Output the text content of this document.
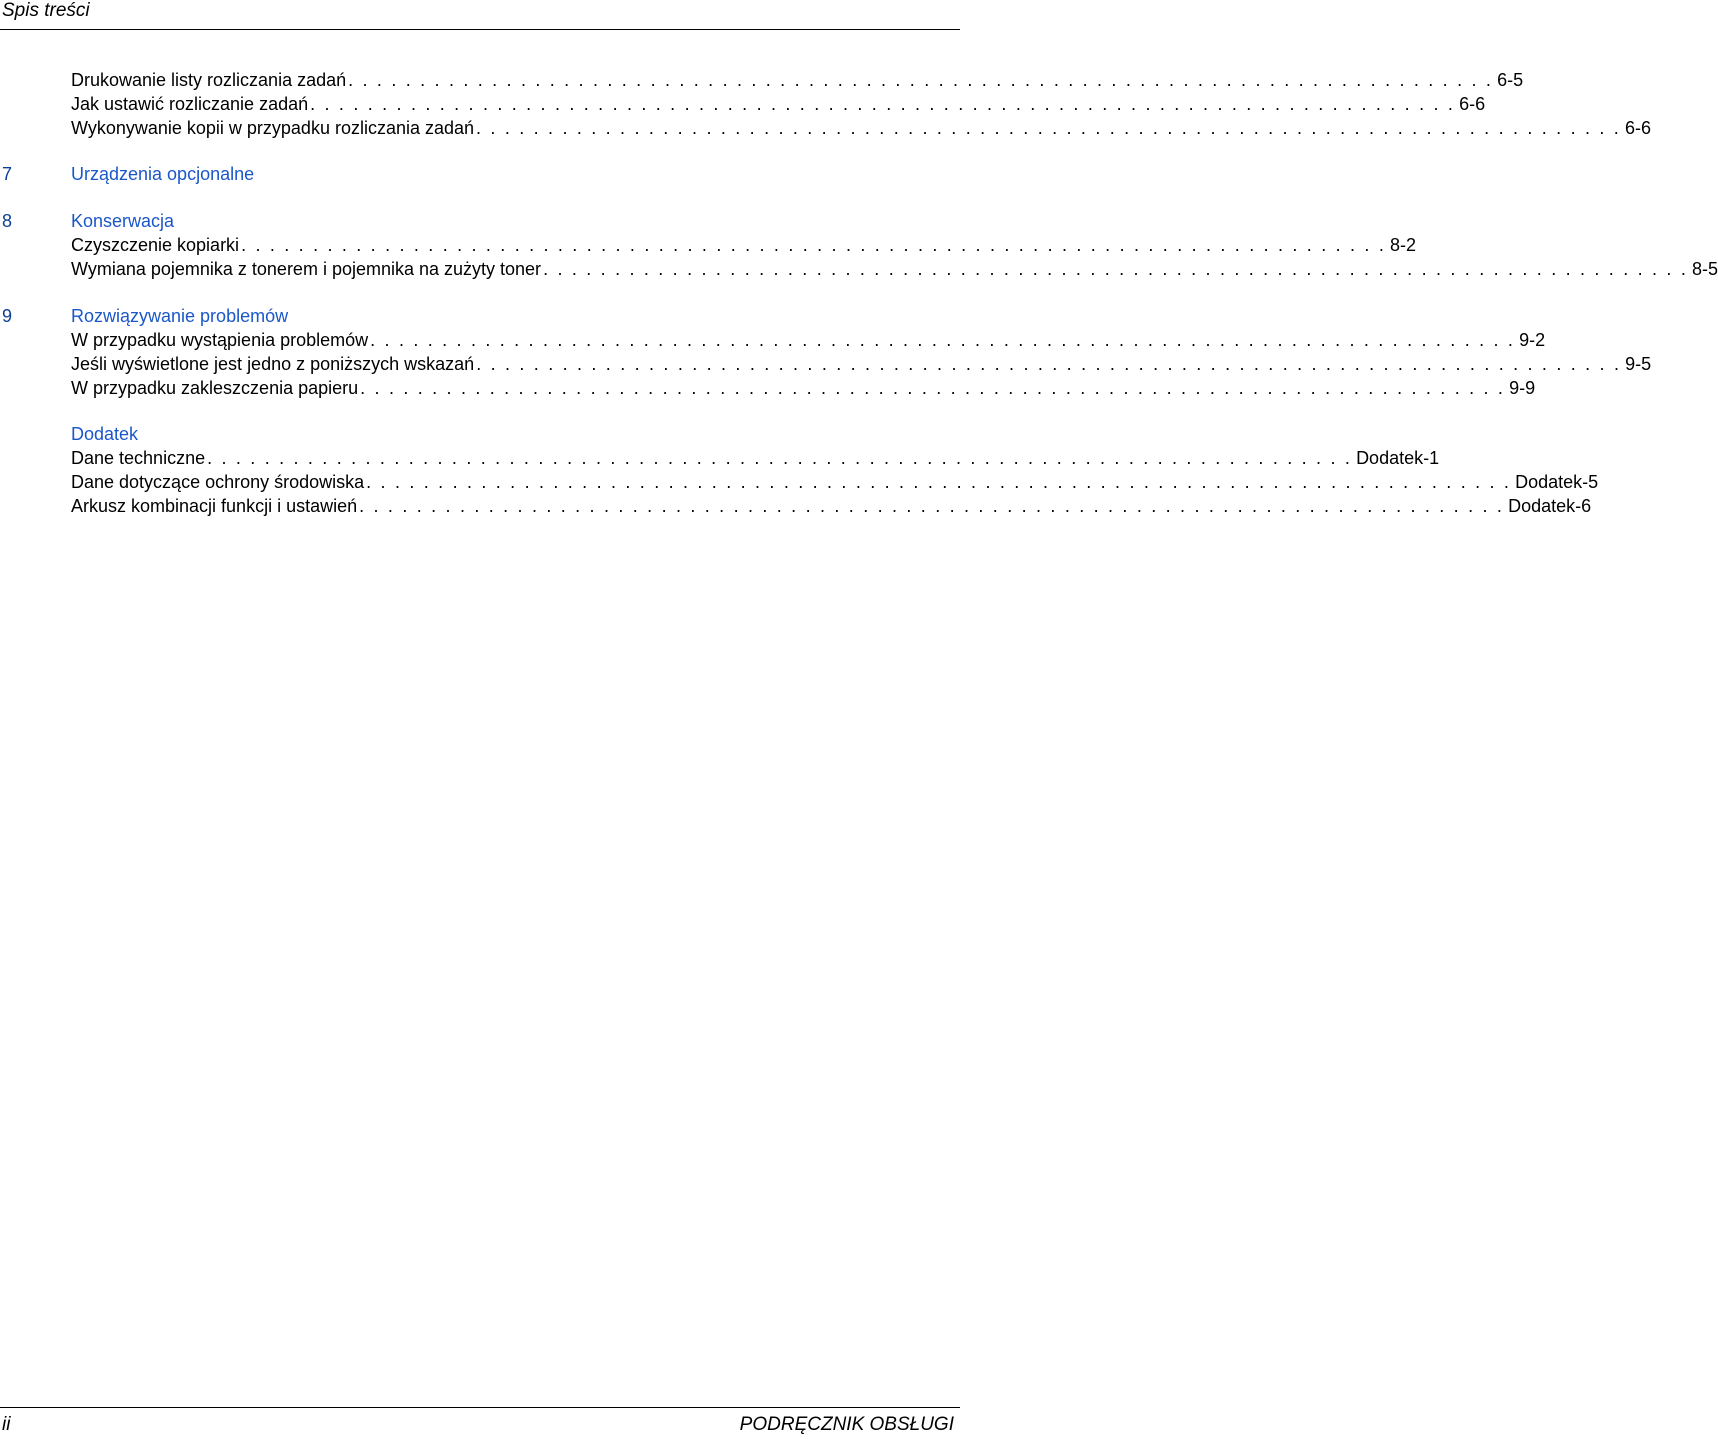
Spis treści
Drukowanie listy rozliczania zadań . . . . . . . . . . . . . . . . . . . . . . . . . . . . . . . . . . . . . . . . . . . . . . . . . . . . . . . . . . . . . . . . . . . . . . . . . . . . . . . . 6-5
Jak ustawić rozliczanie zadań . . . . . . . . . . . . . . . . . . . . . . . . . . . . . . . . . . . . . . . . . . . . . . . . . . . . . . . . . . . . . . . . . . . . . . . . . . . . . . . . 6-6
Wykonywanie kopii w przypadku rozliczania zadań . . . . . . . . . . . . . . . . . . . . . . . . . . . . . . . . . . . . . . . . . . . . . . . . . . . . . . . . . . . . . . . . . . . . . . . . . . . . . . . . 6-6
7	Urządzenia opcjonalne
8	Konserwacja
Czyszczenie kopiarki . . . . . . . . . . . . . . . . . . . . . . . . . . . . . . . . . . . . . . . . . . . . . . . . . . . . . . . . . . . . . . . . . . . . . . . . . . . . . . . . 8-2
Wymiana pojemnika z tonerem i pojemnika na zużyty toner . . . . . . . . . . . . . . . . . . . . . . . . . . . . . . . . . . . . . . . . . . . . . . . . . . . . . . . . . . . . . . . . . . . . . . . . . . . . . . . . 8-5
9	Rozwiązywanie problemów
W przypadku wystąpienia problemów . . . . . . . . . . . . . . . . . . . . . . . . . . . . . . . . . . . . . . . . . . . . . . . . . . . . . . . . . . . . . . . . . . . . . . . . . . . . . . . . 9-2
Jeśli wyświetlone jest jedno z poniższych wskazań . . . . . . . . . . . . . . . . . . . . . . . . . . . . . . . . . . . . . . . . . . . . . . . . . . . . . . . . . . . . . . . . . . . . . . . . . . . . . . . . 9-5
W przypadku zakleszczenia papieru . . . . . . . . . . . . . . . . . . . . . . . . . . . . . . . . . . . . . . . . . . . . . . . . . . . . . . . . . . . . . . . . . . . . . . . . . . . . . . . . 9-9
Dodatek
Dane techniczne . . . . . . . . . . . . . . . . . . . . . . . . . . . . . . . . . . . . . . . . . . . . . . . . . . . . . . . . . . . . . . . . . . . . . . . . . . . . . . . . Dodatek-1
Dane dotyczące ochrony środowiska . . . . . . . . . . . . . . . . . . . . . . . . . . . . . . . . . . . . . . . . . . . . . . . . . . . . . . . . . . . . . . . . . . . . . . . . . . . . . . . . Dodatek-5
Arkusz kombinacji funkcji i ustawień . . . . . . . . . . . . . . . . . . . . . . . . . . . . . . . . . . . . . . . . . . . . . . . . . . . . . . . . . . . . . . . . . . . . . . . . . . . . . . . . Dodatek-6
ii	PODRĘCZNIK OBSŁUGI
